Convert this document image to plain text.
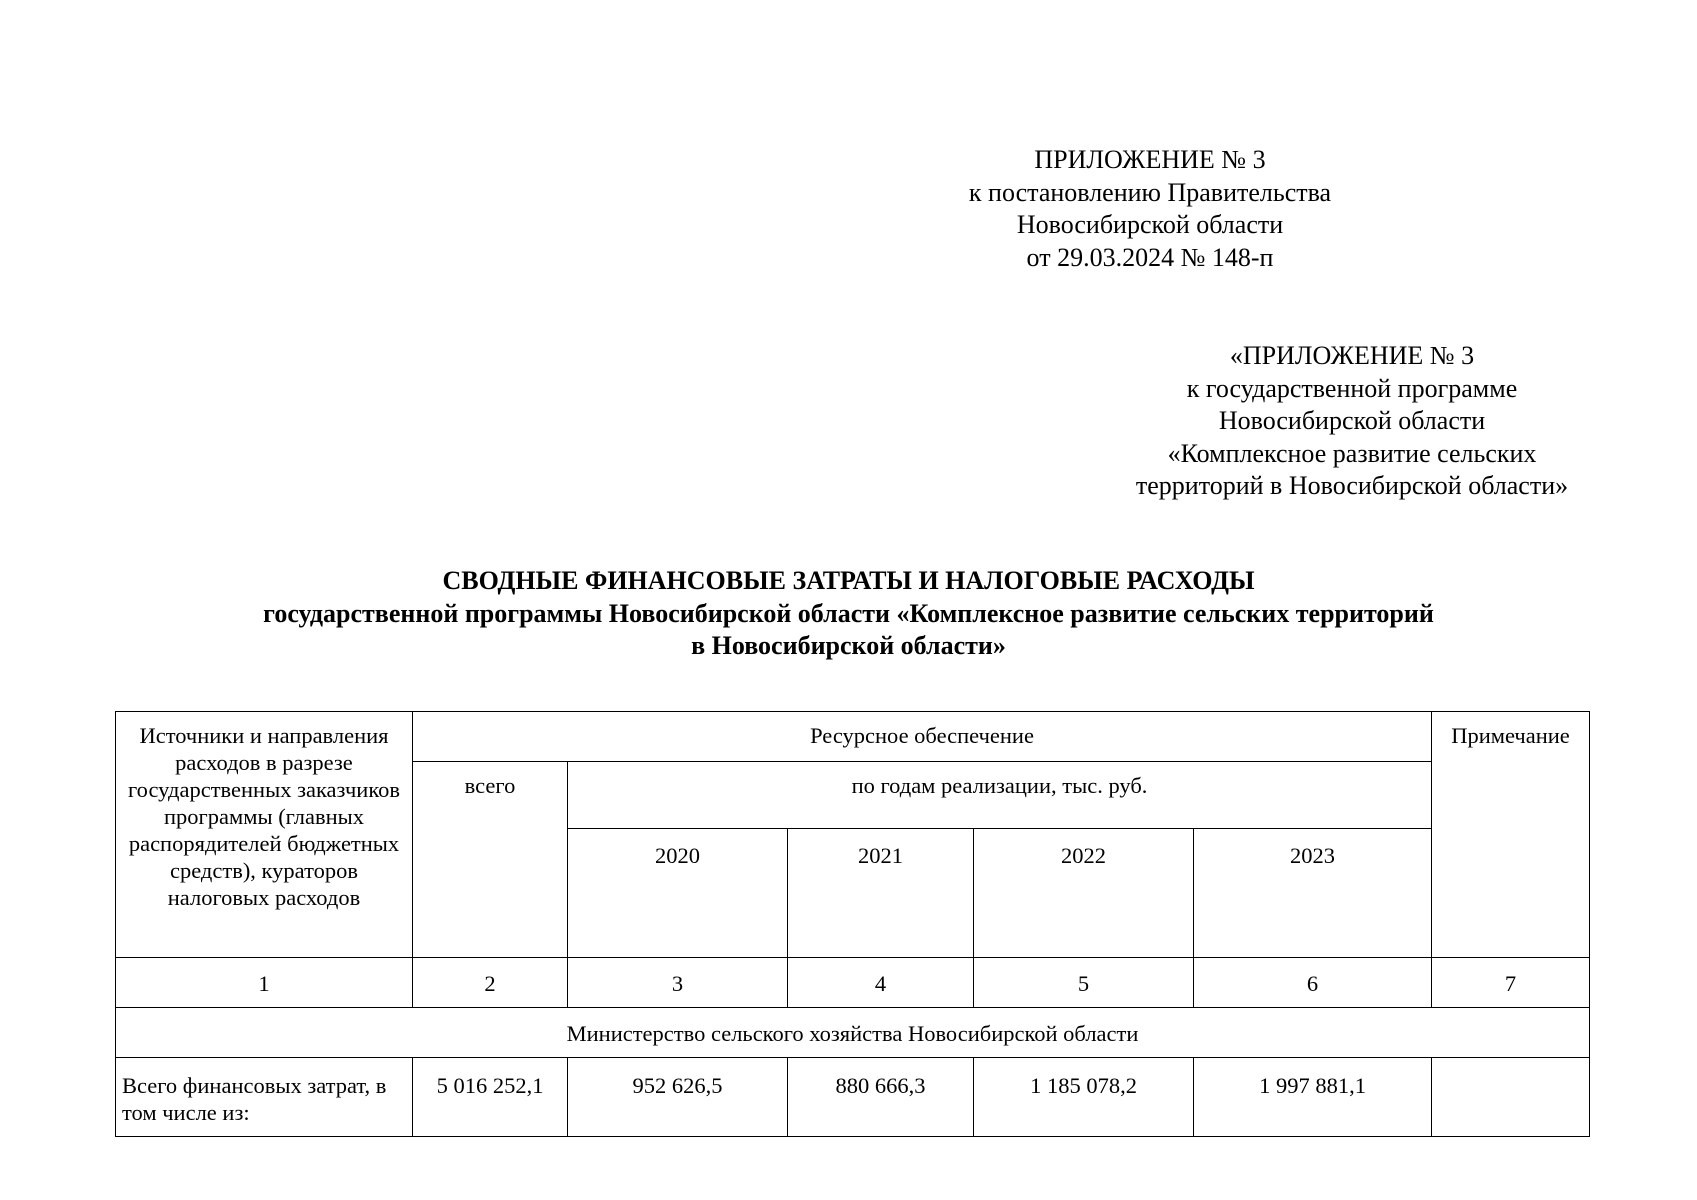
ПРИЛОЖЕНИЕ № 3
к постановлению Правительства
Новосибирской области
от 29.03.2024 № 148-п
«ПРИЛОЖЕНИЕ № 3
к государственной программе
Новосибирской области
«Комплексное развитие сельских
территорий в Новосибирской области»
СВОДНЫЕ ФИНАНСОВЫЕ ЗАТРАТЫ И НАЛОГОВЫЕ РАСХОДЫ
государственной программы Новосибирской области «Комплексное развитие сельских территорий
в Новосибирской области»
Источники и направления расходов в разрезе государственных заказчиков программы (главных распорядителей бюджетных средств), кураторов налоговых расходов	Ресурсное обеспечение					Примечание
	всего	по годам реализации, тыс. руб.				
		2020	2021	2022	2023	
1	2	3	4	5	6	7
Министерство сельского хозяйства Новосибирской области						
Всего финансовых затрат, в том числе из:	5 016 252,1	952 626,5	880 666,3	1 185 078,2	1 997 881,1	
